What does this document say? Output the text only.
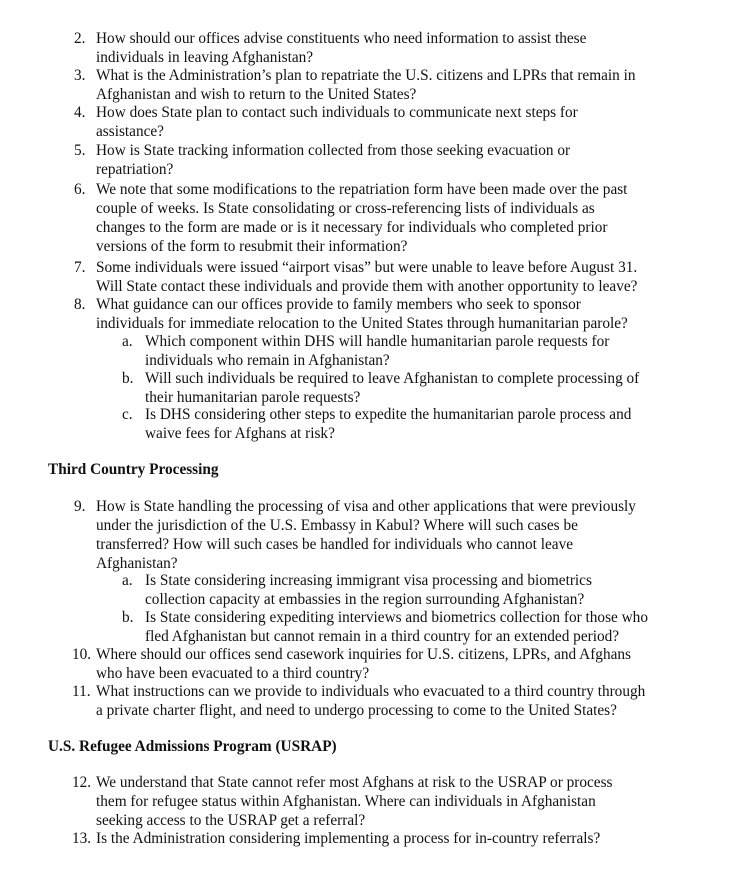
2. How should our offices advise constituents who need information to assist these
individuals in leaving Afghanistan?
3. What is the Administration’s plan to repatriate the U.S. citizens and LPRs that remain in
Afghanistan and wish to return to the United States?
4. How does State plan to contact such individuals to communicate next steps for
assistance?
5. How is State tracking information collected from those seeking evacuation or
repatriation?
6. We note that some modifications to the repatriation form have been made over the past
couple of weeks. Is State consolidating or cross-referencing lists of individuals as
changes to the form are made or is it necessary for individuals who completed prior
versions of the form to resubmit their information?
7. Some individuals were issued “airport visas” but were unable to leave before August 31.
Will State contact these individuals and provide them with another opportunity to leave?
8. What guidance can our offices provide to family members who seek to sponsor
individuals for immediate relocation to the United States through humanitarian parole?
a. Which component within DHS will handle humanitarian parole requests for
individuals who remain in Afghanistan?
b. Will such individuals be required to leave Afghanistan to complete processing of
their humanitarian parole requests?
c. Is DHS considering other steps to expedite the humanitarian parole process and
waive fees for Afghans at risk?
Third Country Processing
9. How is State handling the processing of visa and other applications that were previously
under the jurisdiction of the U.S. Embassy in Kabul? Where will such cases be
transferred? How will such cases be handled for individuals who cannot leave
Afghanistan?
a. Is State considering increasing immigrant visa processing and biometrics
collection capacity at embassies in the region surrounding Afghanistan?
b. Is State considering expediting interviews and biometrics collection for those who
fled Afghanistan but cannot remain in a third country for an extended period?
10. Where should our offices send casework inquiries for U.S. citizens, LPRs, and Afghans
who have been evacuated to a third country?
11. What instructions can we provide to individuals who evacuated to a third country through
a private charter flight, and need to undergo processing to come to the United States?
U.S. Refugee Admissions Program (USRAP)
12. We understand that State cannot refer most Afghans at risk to the USRAP or process
them for refugee status within Afghanistan. Where can individuals in Afghanistan
seeking access to the USRAP get a referral?
13. Is the Administration considering implementing a process for in-country referrals?
